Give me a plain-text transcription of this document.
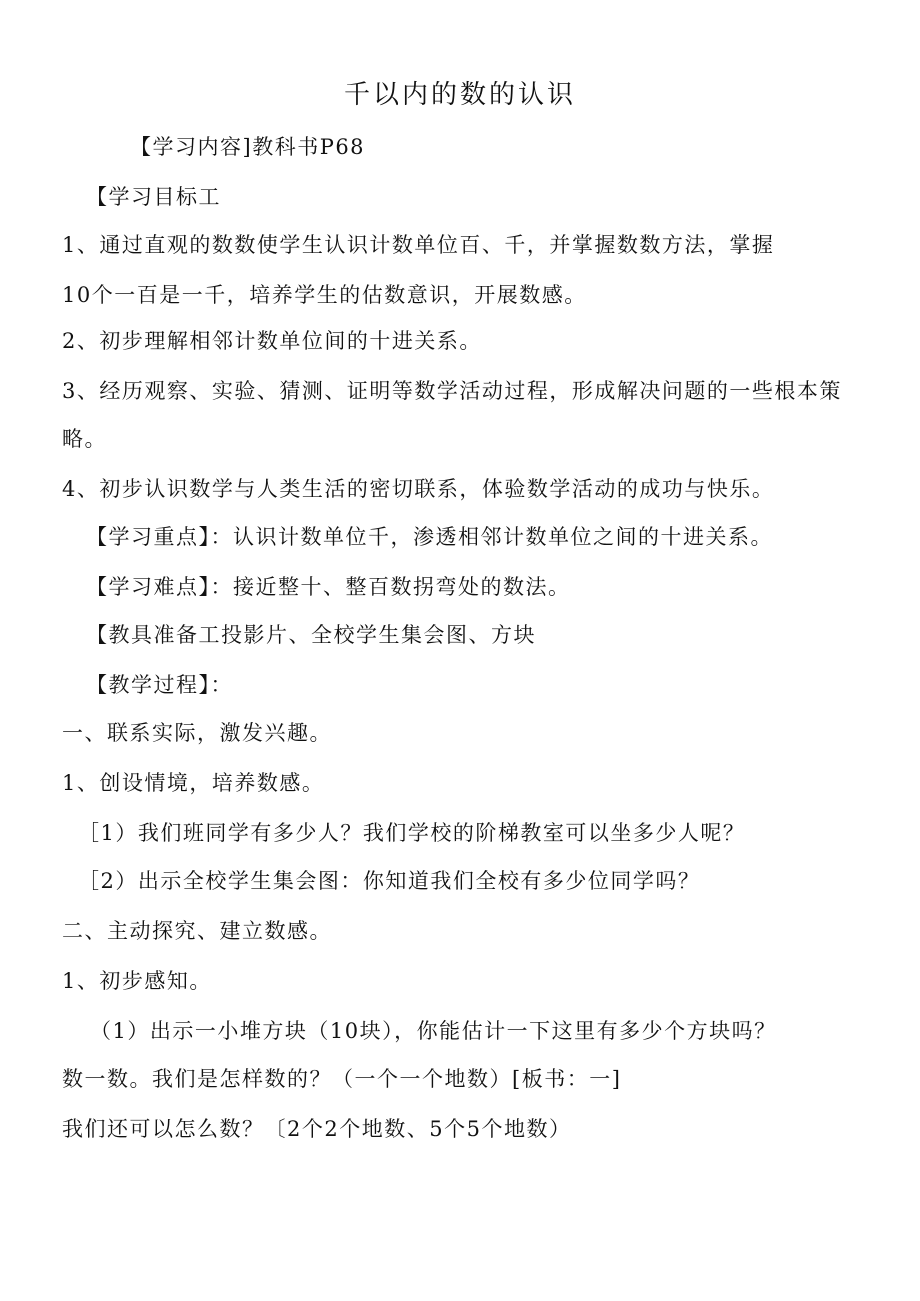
千以内的数的认识
【学习内容]教科书P68
【学习目标工
1、通过直观的数数使学生认识计数单位百、千，并掌握数数方法，掌握
10个一百是一千，培养学生的估数意识，开展数感。
2、初步理解相邻计数单位间的十进关系。
3、经历观察、实验、猜测、证明等数学活动过程，形成解决问题的一些根本策
略。
4、初步认识数学与人类生活的密切联系，体验数学活动的成功与快乐。
【学习重点】：认识计数单位千，渗透相邻计数单位之间的十进关系。
【学习难点】：接近整十、整百数拐弯处的数法。
【教具准备工投影片、全校学生集会图、方块
【教学过程】：
一、联系实际，激发兴趣。
1、创设情境，培养数感。
［1）我们班同学有多少人？我们学校的阶梯教室可以坐多少人呢？
［2）出示全校学生集会图：你知道我们全校有多少位同学吗？
二、主动探究、建立数感。
1、初步感知。
（1）出示一小堆方块（10块），你能估计一下这里有多少个方块吗？
数一数。我们是怎样数的？（一个一个地数）[板书：一]
我们还可以怎么数？〔2个2个地数、5个5个地数）
